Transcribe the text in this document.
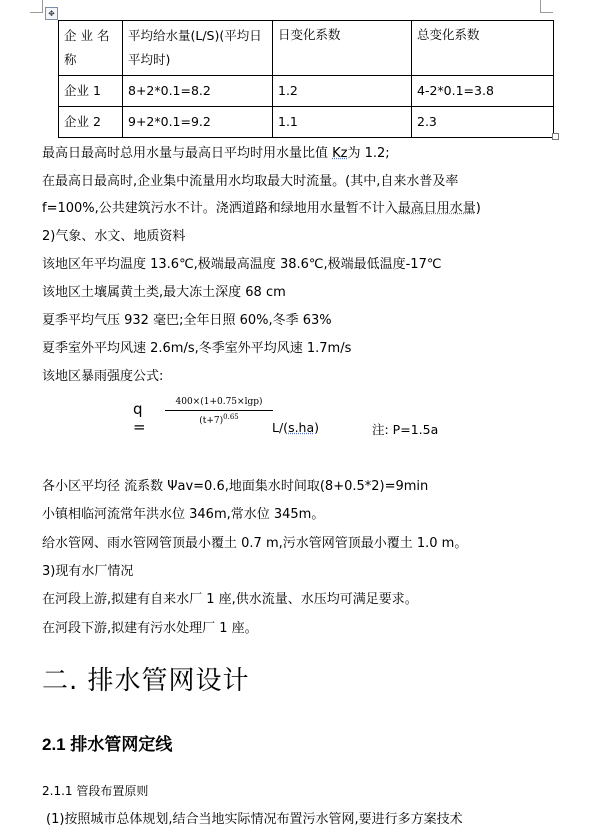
✥
企 业 名称	平均给水量(L/S)(平均日平均时)	日变化系数	总变化系数
企业 1	8+2*0.1=8.2	1.2	4-2*0.1=3.8
企业 2	9+2*0.1=9.2	1.1	2.3
最高日最高时总用水量与最高日平均时用水量比值 Kz为 1.2;
在最高日最高时,企业集中流量用水均取最大时流量。(其中,自来水普及率
f=100%,公共建筑污水不计。浇洒道路和绿地用水量暂不计入最高日用水量)
2)气象、水文、地质资料
该地区年平均温度 13.6℃,极端最高温度 38.6℃,极端最低温度-17℃
该地区土壤属黄土类,最大冻土深度 68 cm
夏季平均气压 932 毫巴;全年日照 60%,冬季 63%
夏季室外平均风速 2.6m/s,冬季室外平均风速 1.7m/s
该地区暴雨强度公式:
q =
400×(1+0.75×lgp)
$(t+7)^{0.65}$
L/(s.ha)	注: P=1.5a
各小区平均径 流系数 Ψav=0.6,地面集水时间取(8+0.5*2)=9min
小镇相临河流常年洪水位 346m,常水位 345m。
给水管网、雨水管网管顶最小覆土 0.7 m,污水管网管顶最小覆土 1.0 m。
3)现有水厂情况
在河段上游,拟建有自来水厂 1 座,供水流量、水压均可满足要求。
在河段下游,拟建有污水处理厂 1 座。
二. 排水管网设计
2.1 排水管网定线
2.1.1 管段布置原则
(1)按照城市总体规划,结合当地实际情况布置污水管网,要进行多方案技术
